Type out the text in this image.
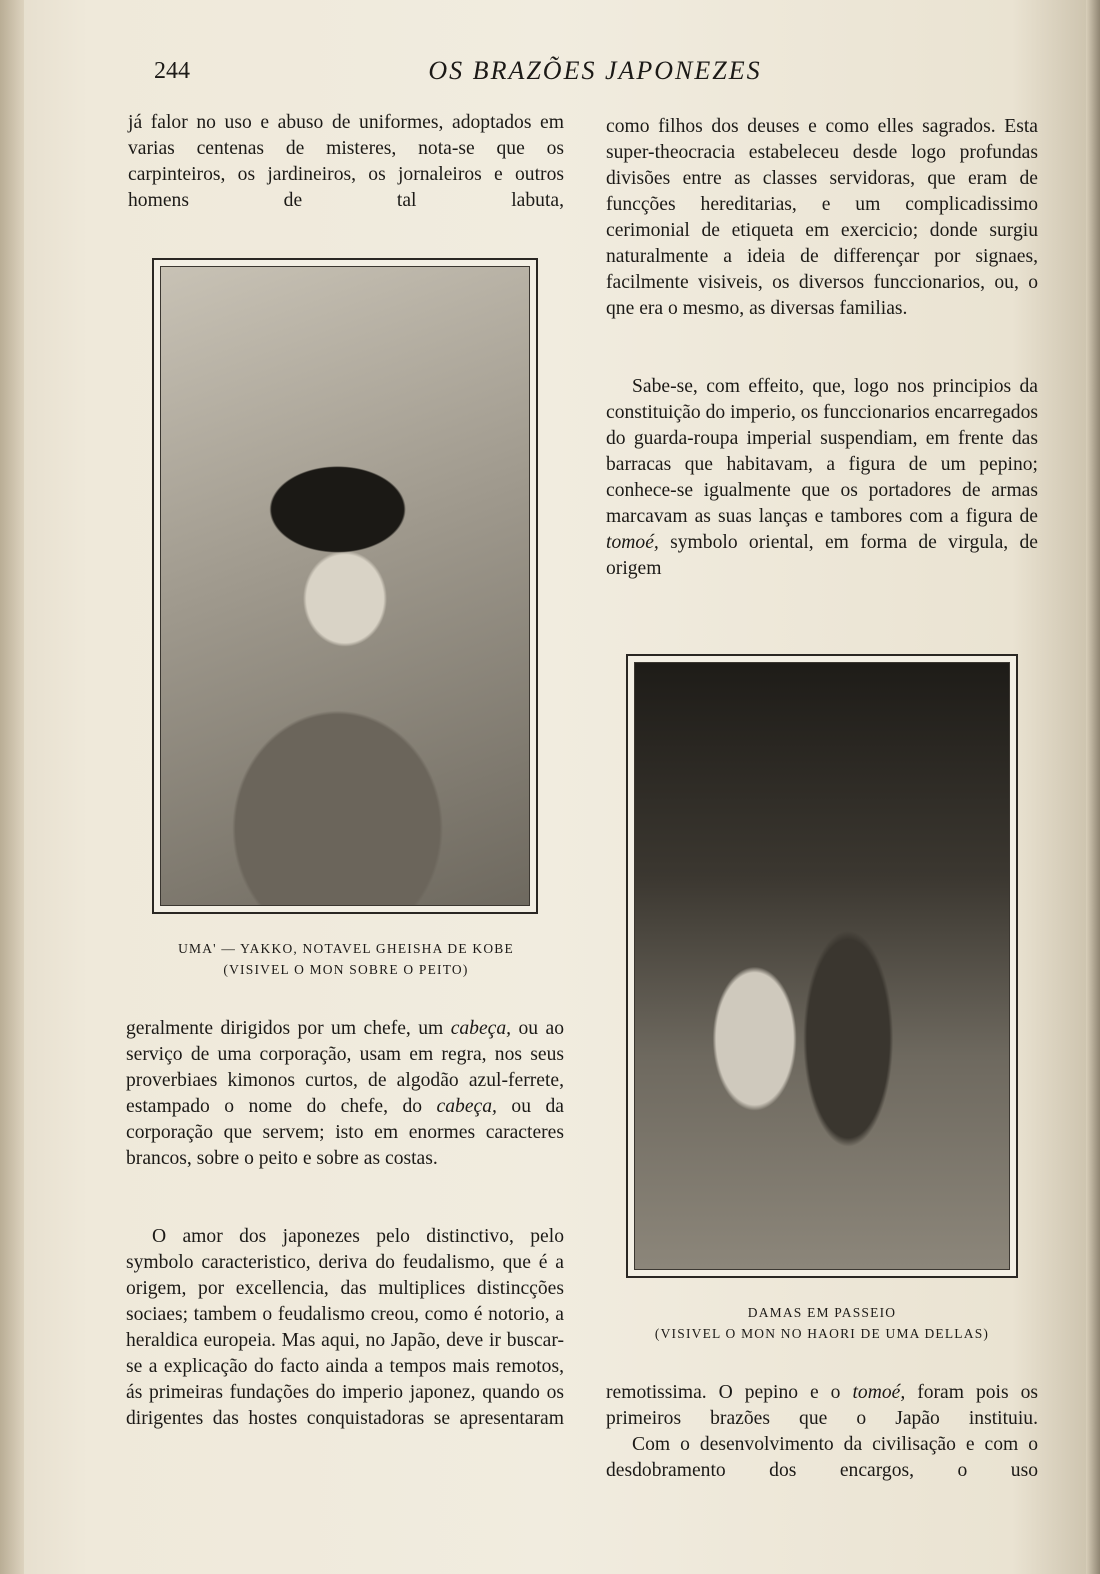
244	OS BRAZÕES JAPONEZES

já falor no uso e abuso de uniformes, adoptados em varias centenas de misteres, nota-se que os carpinteiros, os jardineiros, os jornaleiros e outros homens de tal labuta,

UMA' — YAKKO, NOTAVEL GHEISHA DE KOBE
(VISIVEL O MON SOBRE O PEITO)

geralmente dirigidos por um chefe, um cabeça, ou ao serviço de uma corporação, usam em regra, nos seus proverbiaes kimonos curtos, de algodão azul-ferrete, estampado o nome do chefe, do cabeça, ou da corporação que servem; isto em enormes caracteres brancos, sobre o peito e sobre as costas.

O amor dos japonezes pelo distinctivo, pelo symbolo caracteristico, deriva do feudalismo, que é a origem, por excellencia, das multiplices distincções sociaes; tambem o feudalismo creou, como é notorio, a heraldica europeia. Mas aqui, no Japão, deve ir buscar-se a explicação do facto ainda a tempos mais remotos, ás primeiras fundações do imperio japonez, quando os dirigentes das hostes conquistadoras se apresentaram

como filhos dos deuses e como elles sagrados. Esta super-theocracia estabeleceu desde logo profundas divisões entre as classes servidoras, que eram de funcções hereditarias, e um complicadissimo cerimonial de etiqueta em exercicio; donde surgiu naturalmente a ideia de differençar por signaes, facilmente visiveis, os diversos funccionarios, ou, o qne era o mesmo, as diversas familias.

Sabe-se, com effeito, que, logo nos principios da constituição do imperio, os funccionarios encarregados do guarda-roupa imperial suspendiam, em frente das barracas que habitavam, a figura de um pepino; conhece-se igualmente que os portadores de armas marcavam as suas lanças e tambores com a figura de tomoé, symbolo oriental, em forma de virgula, de origem

DAMAS EM PASSEIO
(VISIVEL O MON NO HAORI DE UMA DELLAS)

remotissima. O pepino e o tomoé, foram pois os primeiros brazões que o Japão instituiu.

Com o desenvolvimento da civilisação e com o desdobramento dos encargos, o uso
